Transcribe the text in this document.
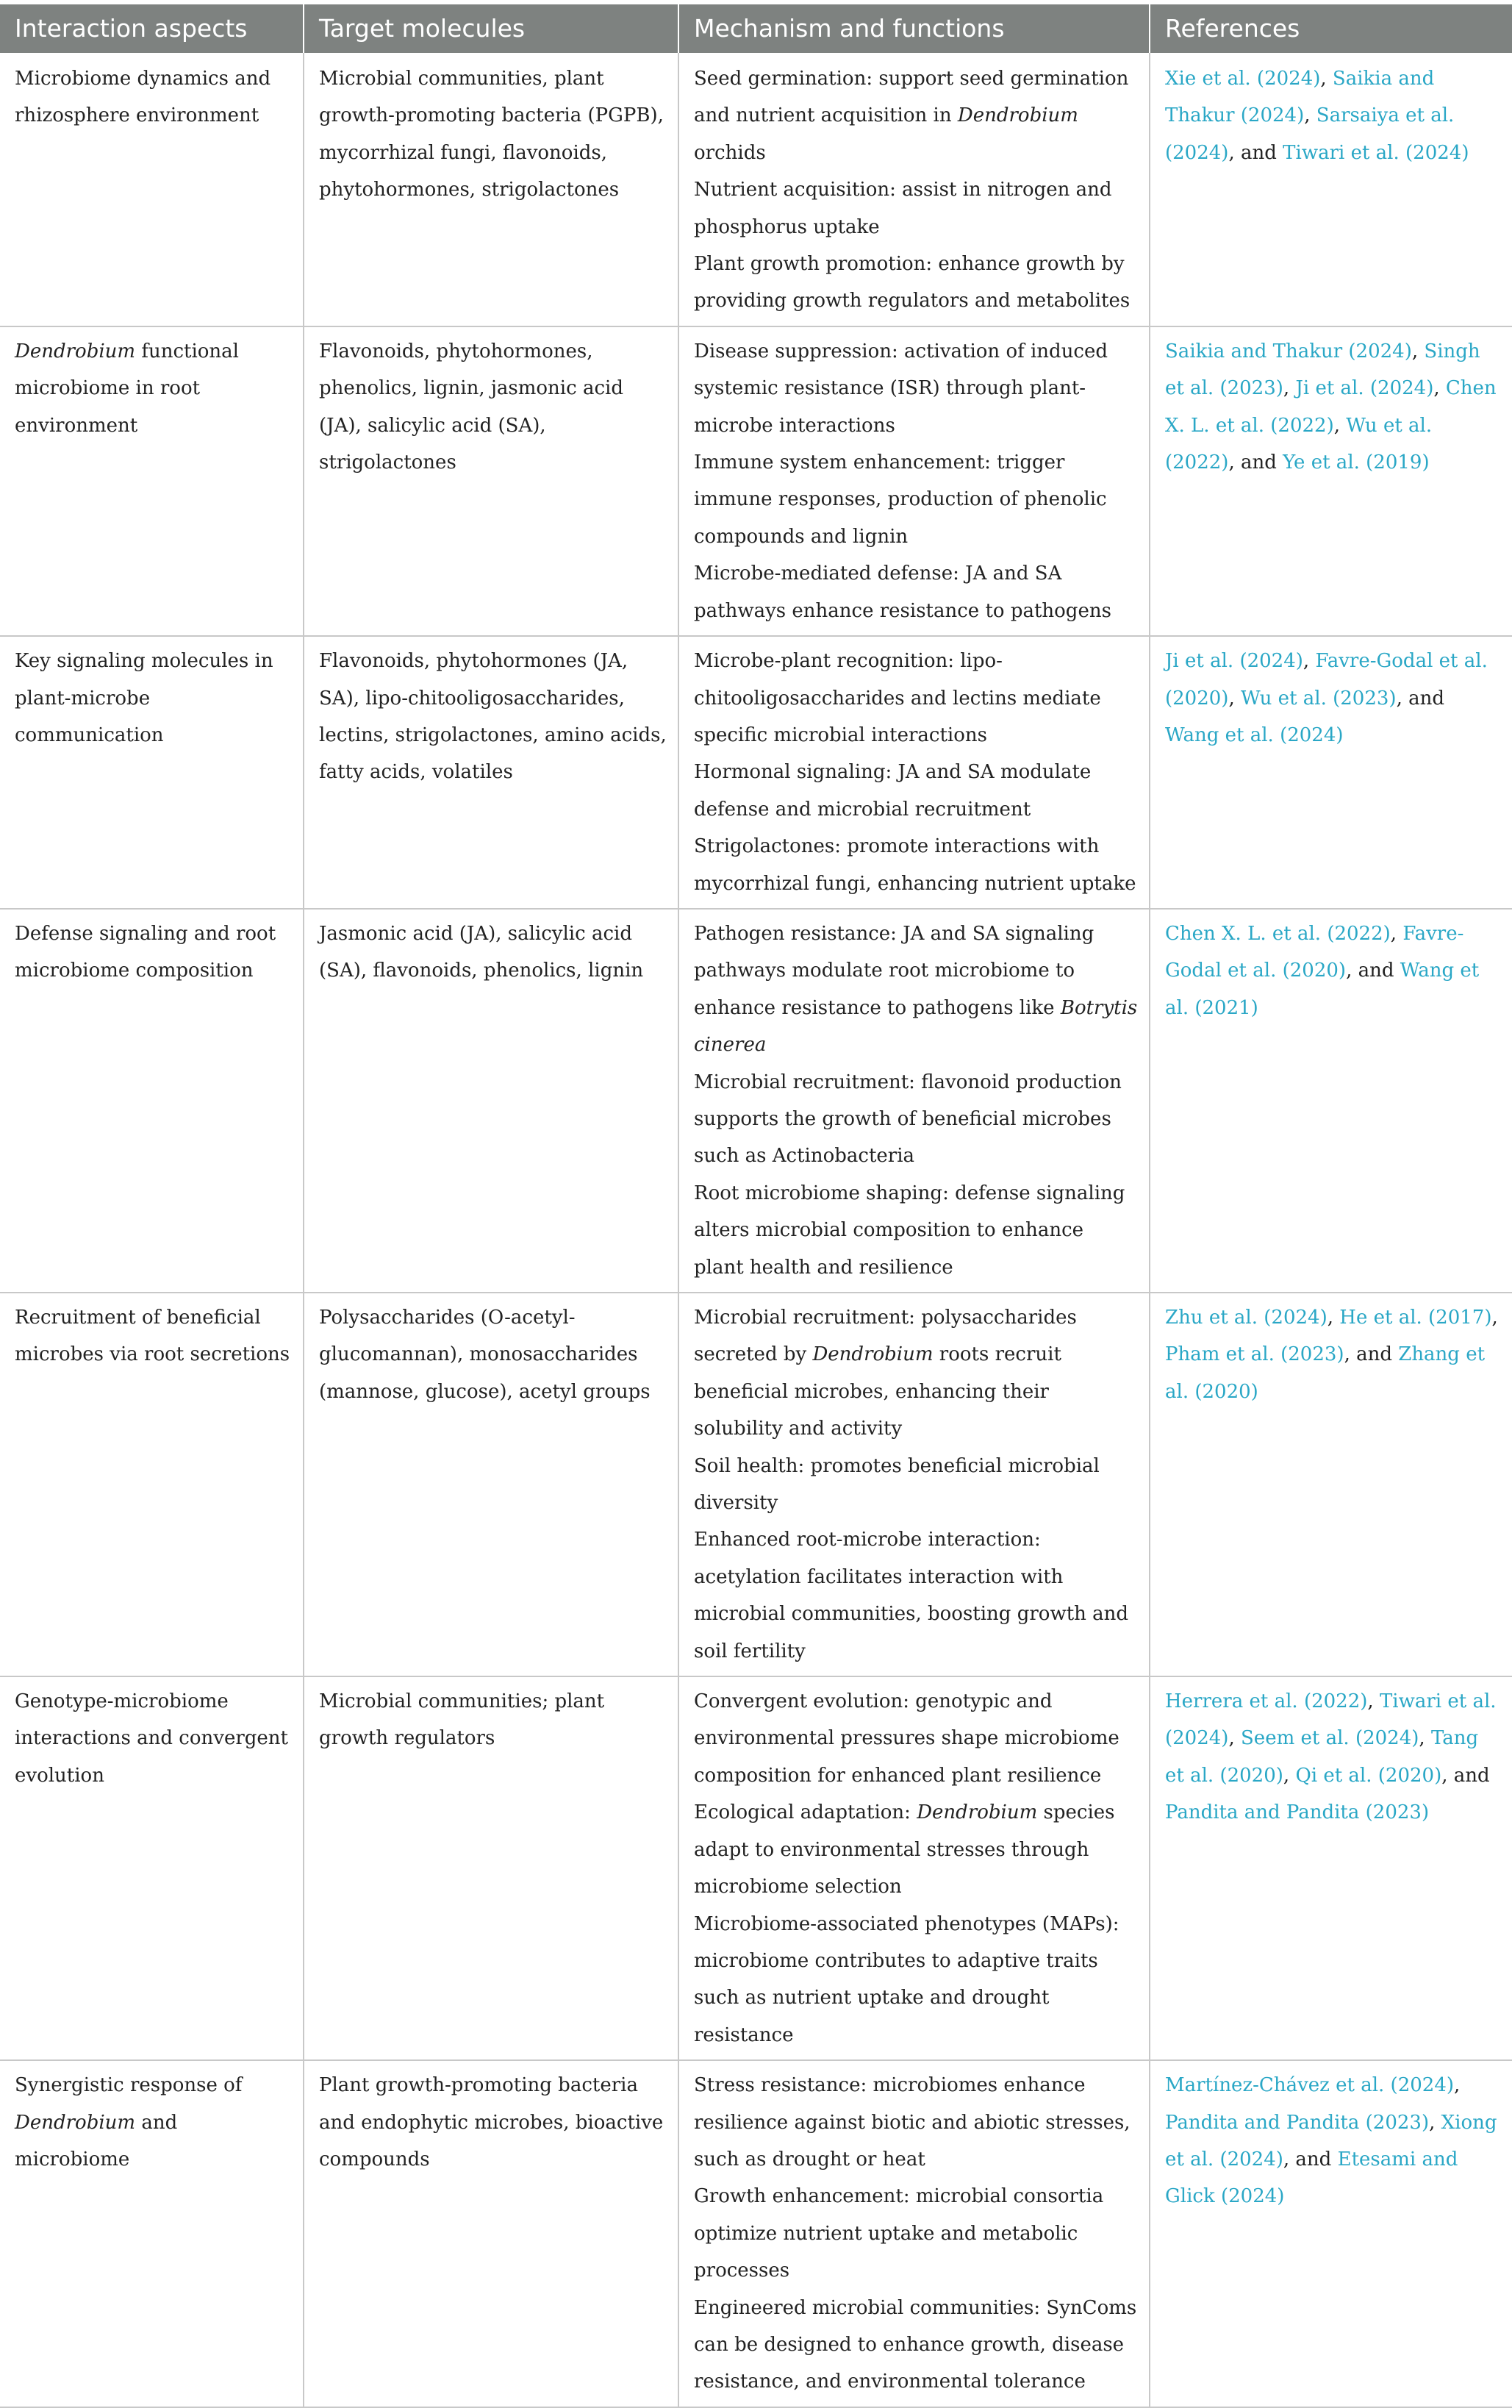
Interaction aspects	Target molecules	Mechanism and functions	References
Microbiome dynamics and rhizosphere environment	Microbial communities, plant growth-promoting bacteria (PGPB), mycorrhizal fungi, flavonoids, phytohormones, strigolactones	Seed germination: support seed germination and nutrient acquisition in Dendrobium orchids
Nutrient acquisition: assist in nitrogen and phosphorus uptake
Plant growth promotion: enhance growth by providing growth regulators and metabolites	Xie et al. (2024), Saikia and Thakur (2024), Sarsaiya et al. (2024), and Tiwari et al. (2024)
Dendrobium functional microbiome in root environment	Flavonoids, phytohormones, phenolics, lignin, jasmonic acid (JA), salicylic acid (SA), strigolactones	Disease suppression: activation of induced systemic resistance (ISR) through plant-microbe interactions
Immune system enhancement: trigger immune responses, production of phenolic compounds and lignin
Microbe-mediated defense: JA and SA pathways enhance resistance to pathogens	Saikia and Thakur (2024), Singh et al. (2023), Ji et al. (2024), Chen X. L. et al. (2022), Wu et al. (2022), and Ye et al. (2019)
Key signaling molecules in plant-microbe communication	Flavonoids, phytohormones (JA, SA), lipo-chitooligosaccharides, lectins, strigolactones, amino acids, fatty acids, volatiles	Microbe-plant recognition: lipo-chitooligosaccharides and lectins mediate specific microbial interactions
Hormonal signaling: JA and SA modulate defense and microbial recruitment
Strigolactones: promote interactions with mycorrhizal fungi, enhancing nutrient uptake	Ji et al. (2024), Favre-Godal et al. (2020), Wu et al. (2023), and Wang et al. (2024)
Defense signaling and root microbiome composition	Jasmonic acid (JA), salicylic acid (SA), flavonoids, phenolics, lignin	Pathogen resistance: JA and SA signaling pathways modulate root microbiome to enhance resistance to pathogens like Botrytis cinerea
Microbial recruitment: flavonoid production supports the growth of beneficial microbes such as Actinobacteria
Root microbiome shaping: defense signaling alters microbial composition to enhance plant health and resilience	Chen X. L. et al. (2022), Favre-Godal et al. (2020), and Wang et al. (2021)
Recruitment of beneficial microbes via root secretions	Polysaccharides (O-acetyl-glucomannan), monosaccharides (mannose, glucose), acetyl groups	Microbial recruitment: polysaccharides secreted by Dendrobium roots recruit beneficial microbes, enhancing their solubility and activity
Soil health: promotes beneficial microbial diversity
Enhanced root-microbe interaction: acetylation facilitates interaction with microbial communities, boosting growth and soil fertility	Zhu et al. (2024), He et al. (2017), Pham et al. (2023), and Zhang et al. (2020)
Genotype-microbiome interactions and convergent evolution	Microbial communities; plant growth regulators	Convergent evolution: genotypic and environmental pressures shape microbiome composition for enhanced plant resilience
Ecological adaptation: Dendrobium species adapt to environmental stresses through microbiome selection
Microbiome-associated phenotypes (MAPs): microbiome contributes to adaptive traits such as nutrient uptake and drought resistance	Herrera et al. (2022), Tiwari et al. (2024), Seem et al. (2024), Tang et al. (2020), Qi et al. (2020), and Pandita and Pandita (2023)
Synergistic response of Dendrobium and microbiome	Plant growth-promoting bacteria and endophytic microbes, bioactive compounds	Stress resistance: microbiomes enhance resilience against biotic and abiotic stresses, such as drought or heat
Growth enhancement: microbial consortia optimize nutrient uptake and metabolic processes
Engineered microbial communities: SynComs can be designed to enhance growth, disease resistance, and environmental tolerance	Martínez-Chávez et al. (2024), Pandita and Pandita (2023), Xiong et al. (2024), and Etesami and Glick (2024)
